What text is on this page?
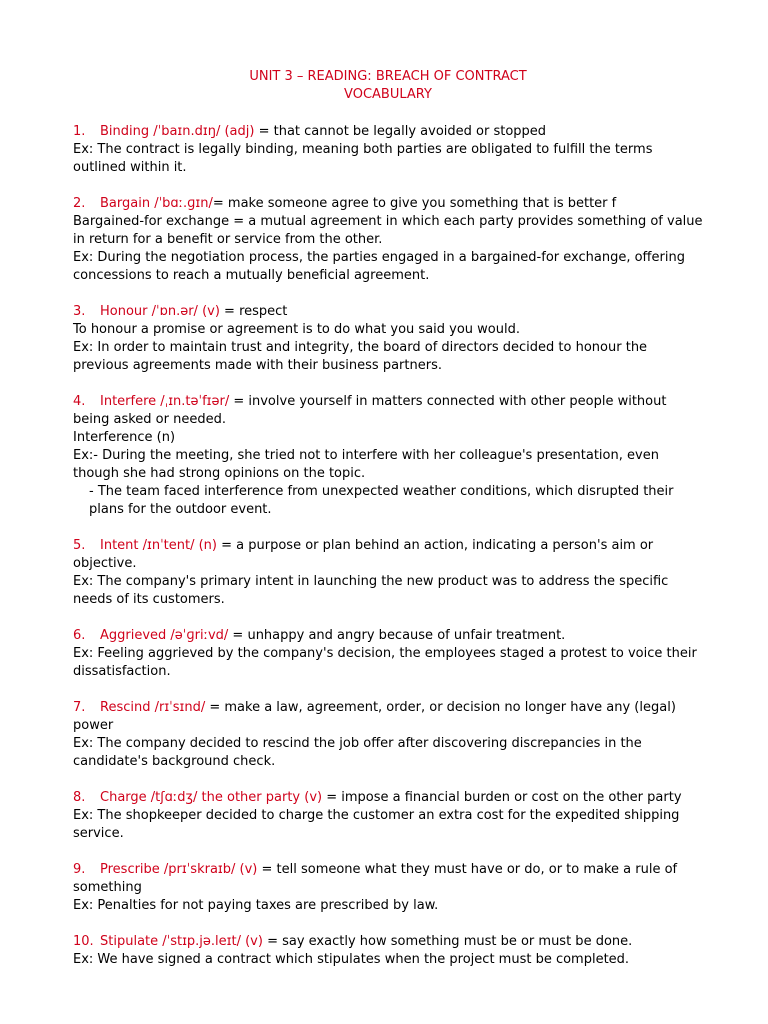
UNIT 3 – READING: BREACH OF CONTRACT
VOCABULARY

1. Binding /ˈbaɪn.dɪŋ/ (adj) = that cannot be legally avoided or stopped

Ex: The contract is legally binding, meaning both parties are obligated to fulfill the terms outlined within it.

2. Bargain /ˈbɑː.ɡɪn/= make someone agree to give you something that is better f

Bargained-for exchange = a mutual agreement in which each party provides something of value in return for a benefit or service from the other.

Ex: During the negotiation process, the parties engaged in a bargained-for exchange, offering concessions to reach a mutually beneficial agreement.

3. Honour /ˈɒn.ər/ (v) = respect

To honour a promise or agreement is to do what you said you would.

Ex: In order to maintain trust and integrity, the board of directors decided to honour the previous agreements made with their business partners.

4. Interfere /ˌɪn.təˈfɪər/ = involve yourself in matters connected with other people without being asked or needed.

Interference (n)

Ex:- During the meeting, she tried not to interfere with her colleague's presentation, even though she had strong opinions on the topic.

- The team faced interference from unexpected weather conditions, which disrupted their plans for the outdoor event.

5. Intent /ɪnˈtent/ (n) = a purpose or plan behind an action, indicating a person's aim or objective.

Ex: The company's primary intent in launching the new product was to address the specific needs of its customers.

6. Aggrieved /əˈɡriːvd/ = unhappy and angry because of unfair treatment.

Ex: Feeling aggrieved by the company's decision, the employees staged a protest to voice their dissatisfaction.

7. Rescind /rɪˈsɪnd/ = make a law, agreement, order, or decision no longer have any (legal) power

Ex: The company decided to rescind the job offer after discovering discrepancies in the candidate's background check.

8. Charge /tʃɑːdʒ/ the other party (v) = impose a financial burden or cost on the other party

Ex: The shopkeeper decided to charge the customer an extra cost for the expedited shipping service.

9. Prescribe /prɪˈskraɪb/ (v) = tell someone what they must have or do, or to make a rule of something

Ex: Penalties for not paying taxes are prescribed by law.

10. Stipulate /ˈstɪp.jə.leɪt/ (v) = say exactly how something must be or must be done.

Ex: We have signed a contract which stipulates when the project must be completed.
